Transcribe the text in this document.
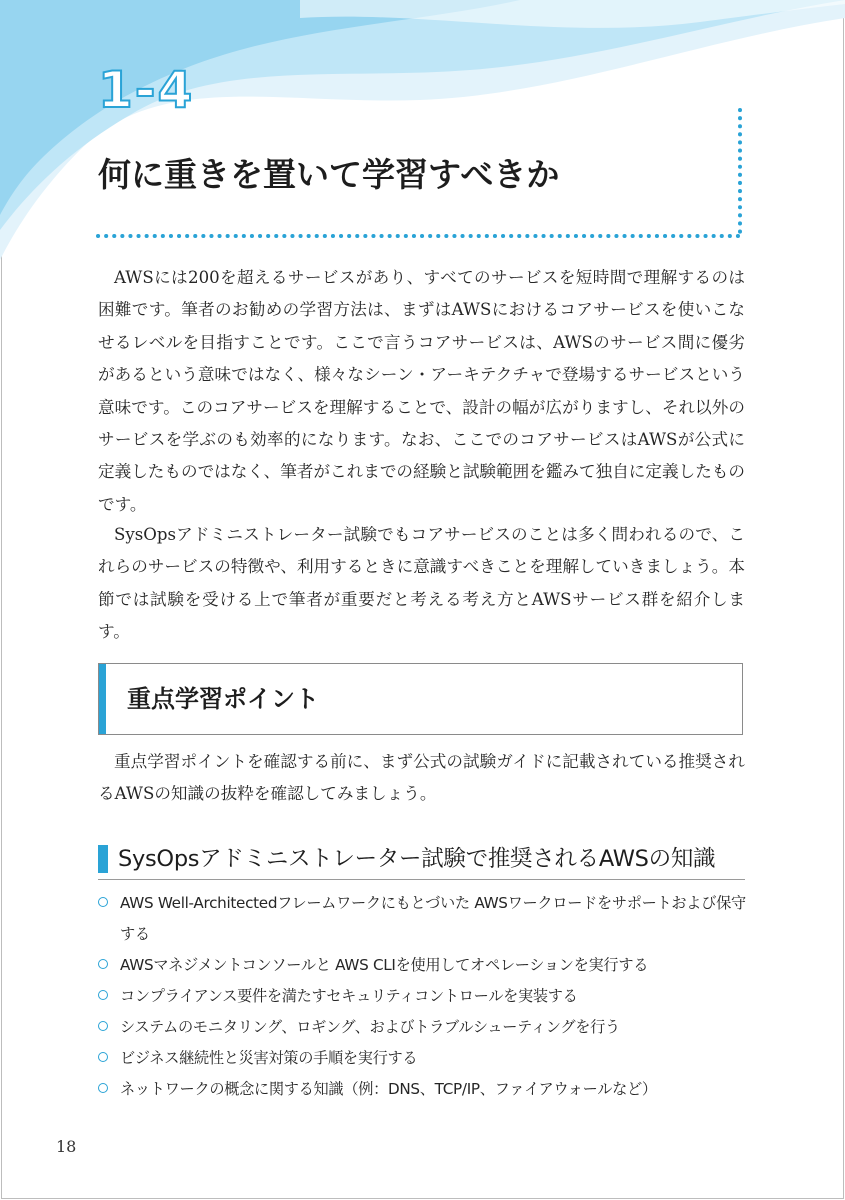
1-4
何に重きを置いて学習すべきか

AWSには200を超えるサービスがあり、すべてのサービスを短時間で理解するのは困難です。筆者のお勧めの学習方法は、まずはAWSにおけるコアサービスを使いこなせるレベルを目指すことです。ここで言うコアサービスは、AWSのサービス間に優劣があるという意味ではなく、様々なシーン・アーキテクチャで登場するサービスという意味です。このコアサービスを理解することで、設計の幅が広がりますし、それ以外のサービスを学ぶのも効率的になります。なお、ここでのコアサービスはAWSが公式に定義したものではなく、筆者がこれまでの経験と試験範囲を鑑みて独自に定義したものです。

SysOpsアドミニストレーター試験でもコアサービスのことは多く問われるので、これらのサービスの特徴や、利用するときに意識すべきことを理解していきましょう。本節では試験を受ける上で筆者が重要だと考える考え方とAWSサービス群を紹介します。

重点学習ポイント

重点学習ポイントを確認する前に、まず公式の試験ガイドに記載されている推奨されるAWSの知識の抜粋を確認してみましょう。

SysOpsアドミニストレーター試験で推奨されるAWSの知識
AWS Well-Architectedフレームワークにもとづいた AWSワークロードをサポートおよび保守する
AWSマネジメントコンソールと AWS CLIを使用してオペレーションを実行する
コンプライアンス要件を満たすセキュリティコントロールを実装する
システムのモニタリング、ロギング、およびトラブルシューティングを行う
ビジネス継続性と災害対策の手順を実行する
ネットワークの概念に関する知識（例：DNS、TCP/IP、ファイアウォールなど）
18
